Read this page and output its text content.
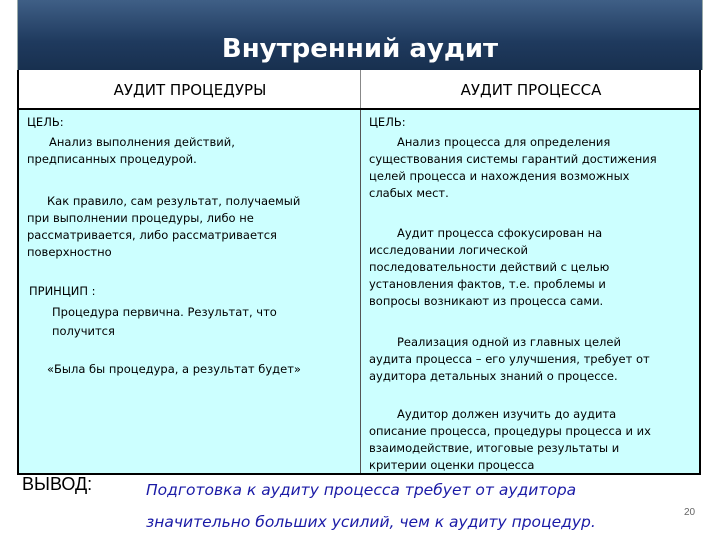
Внутренний аудит
АУДИТ ПРОЦЕДУРЫ	АУДИТ ПРОЦЕССА
ЦЕЛЬ:
Анализ выполнения действий,
предписанных процедурой.
Как правило, сам результат, получаемый
при выполнении процедуры, либо не
рассматривается, либо рассматривается
поверхностно
ПРИНЦИП :
Процедура первична. Результат, что
получится
«Была бы процедура, а результат будет»
ЦЕЛЬ:
Анализ процесса для определения
существования системы гарантий достижения
целей процесса и нахождения возможных
слабых мест.
Аудит процесса сфокусирован на
исследовании логической
последовательности действий с целью
установления фактов, т.е. проблемы и
вопросы возникают из процесса сами.
Реализация одной из главных целей
аудита процесса – его улучшения, требует от
аудитора детальных знаний о процессе.
Аудитор должен изучить до аудита
описание процесса, процедуры процесса и их
взаимодействие, итоговые результаты и
критерии оценки процесса
ВЫВОД:	Подготовка к аудиту процесса требует от аудитора
значительно больших усилий, чем к аудиту процедур.
20
